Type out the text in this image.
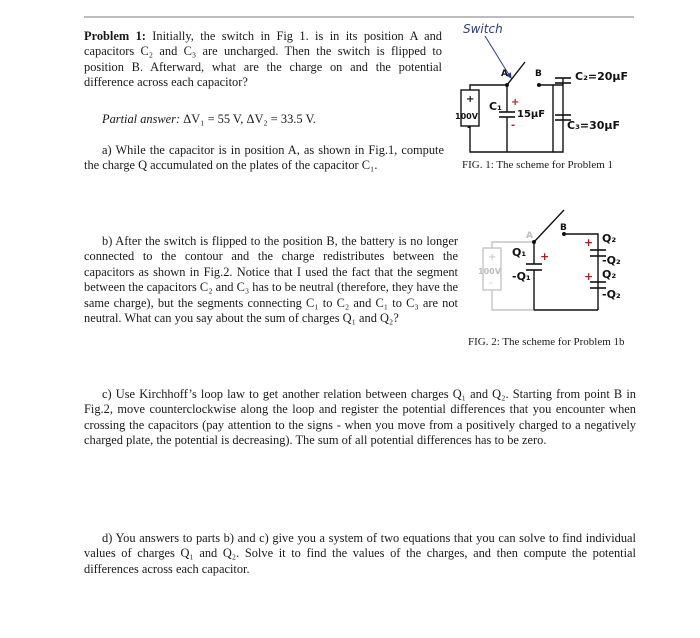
Problem 1: Initially, the switch in Fig 1. is in its position A and capacitors C₂ and C₃ are uncharged. Then the switch is flipped to position B. Afterward, what are the charge on and the potential difference across each capacitor?
Partial answer: ΔV₁ = 55 V, ΔV₂ = 33.5 V.
a) While the capacitor is in position A, as shown in Fig.1, compute the charge Q accumulated on the plates of the capacitor C₁.
b) After the switch is flipped to the position B, the battery is no longer connected to the contour and the charge redistributes between the capacitors as shown in Fig.2. Notice that I used the fact that the segment between the capacitors C₂ and C₃ has to be neutral (therefore, they have the same charge), but the segments connecting C₁ to C₂ and C₁ to C₃ are not neutral. What can you say about the sum of charges Q₁ and Q₂?
c) Use Kirchhoff’s loop law to get another relation between charges Q₁ and Q₂. Starting from point B in Fig.2, move counterclockwise along the loop and register the potential differences that you encounter when crossing the capacitors (pay attention to the signs - when you move from a positively charged to a negatively charged plate, the potential is decreasing). The sum of all potential differences has to be zero.
d) You answers to parts b) and c) give you a system of two equations that you can solve to find individual values of charges Q₁ and Q₂. Solve it to find the values of the charges, and then compute the potential differences across each capacitor.
Switch
+
100V
-
A	B
C₁ +
-
15μF
C₂=20μF
C₃=30μF
FIG. 1: The scheme for Problem 1
+
100V
-
A
B
+
Q₁
-Q₁
+ Q₂
-Q₂
+ Q₂
-Q₂
FIG. 2: The scheme for Problem 1b
